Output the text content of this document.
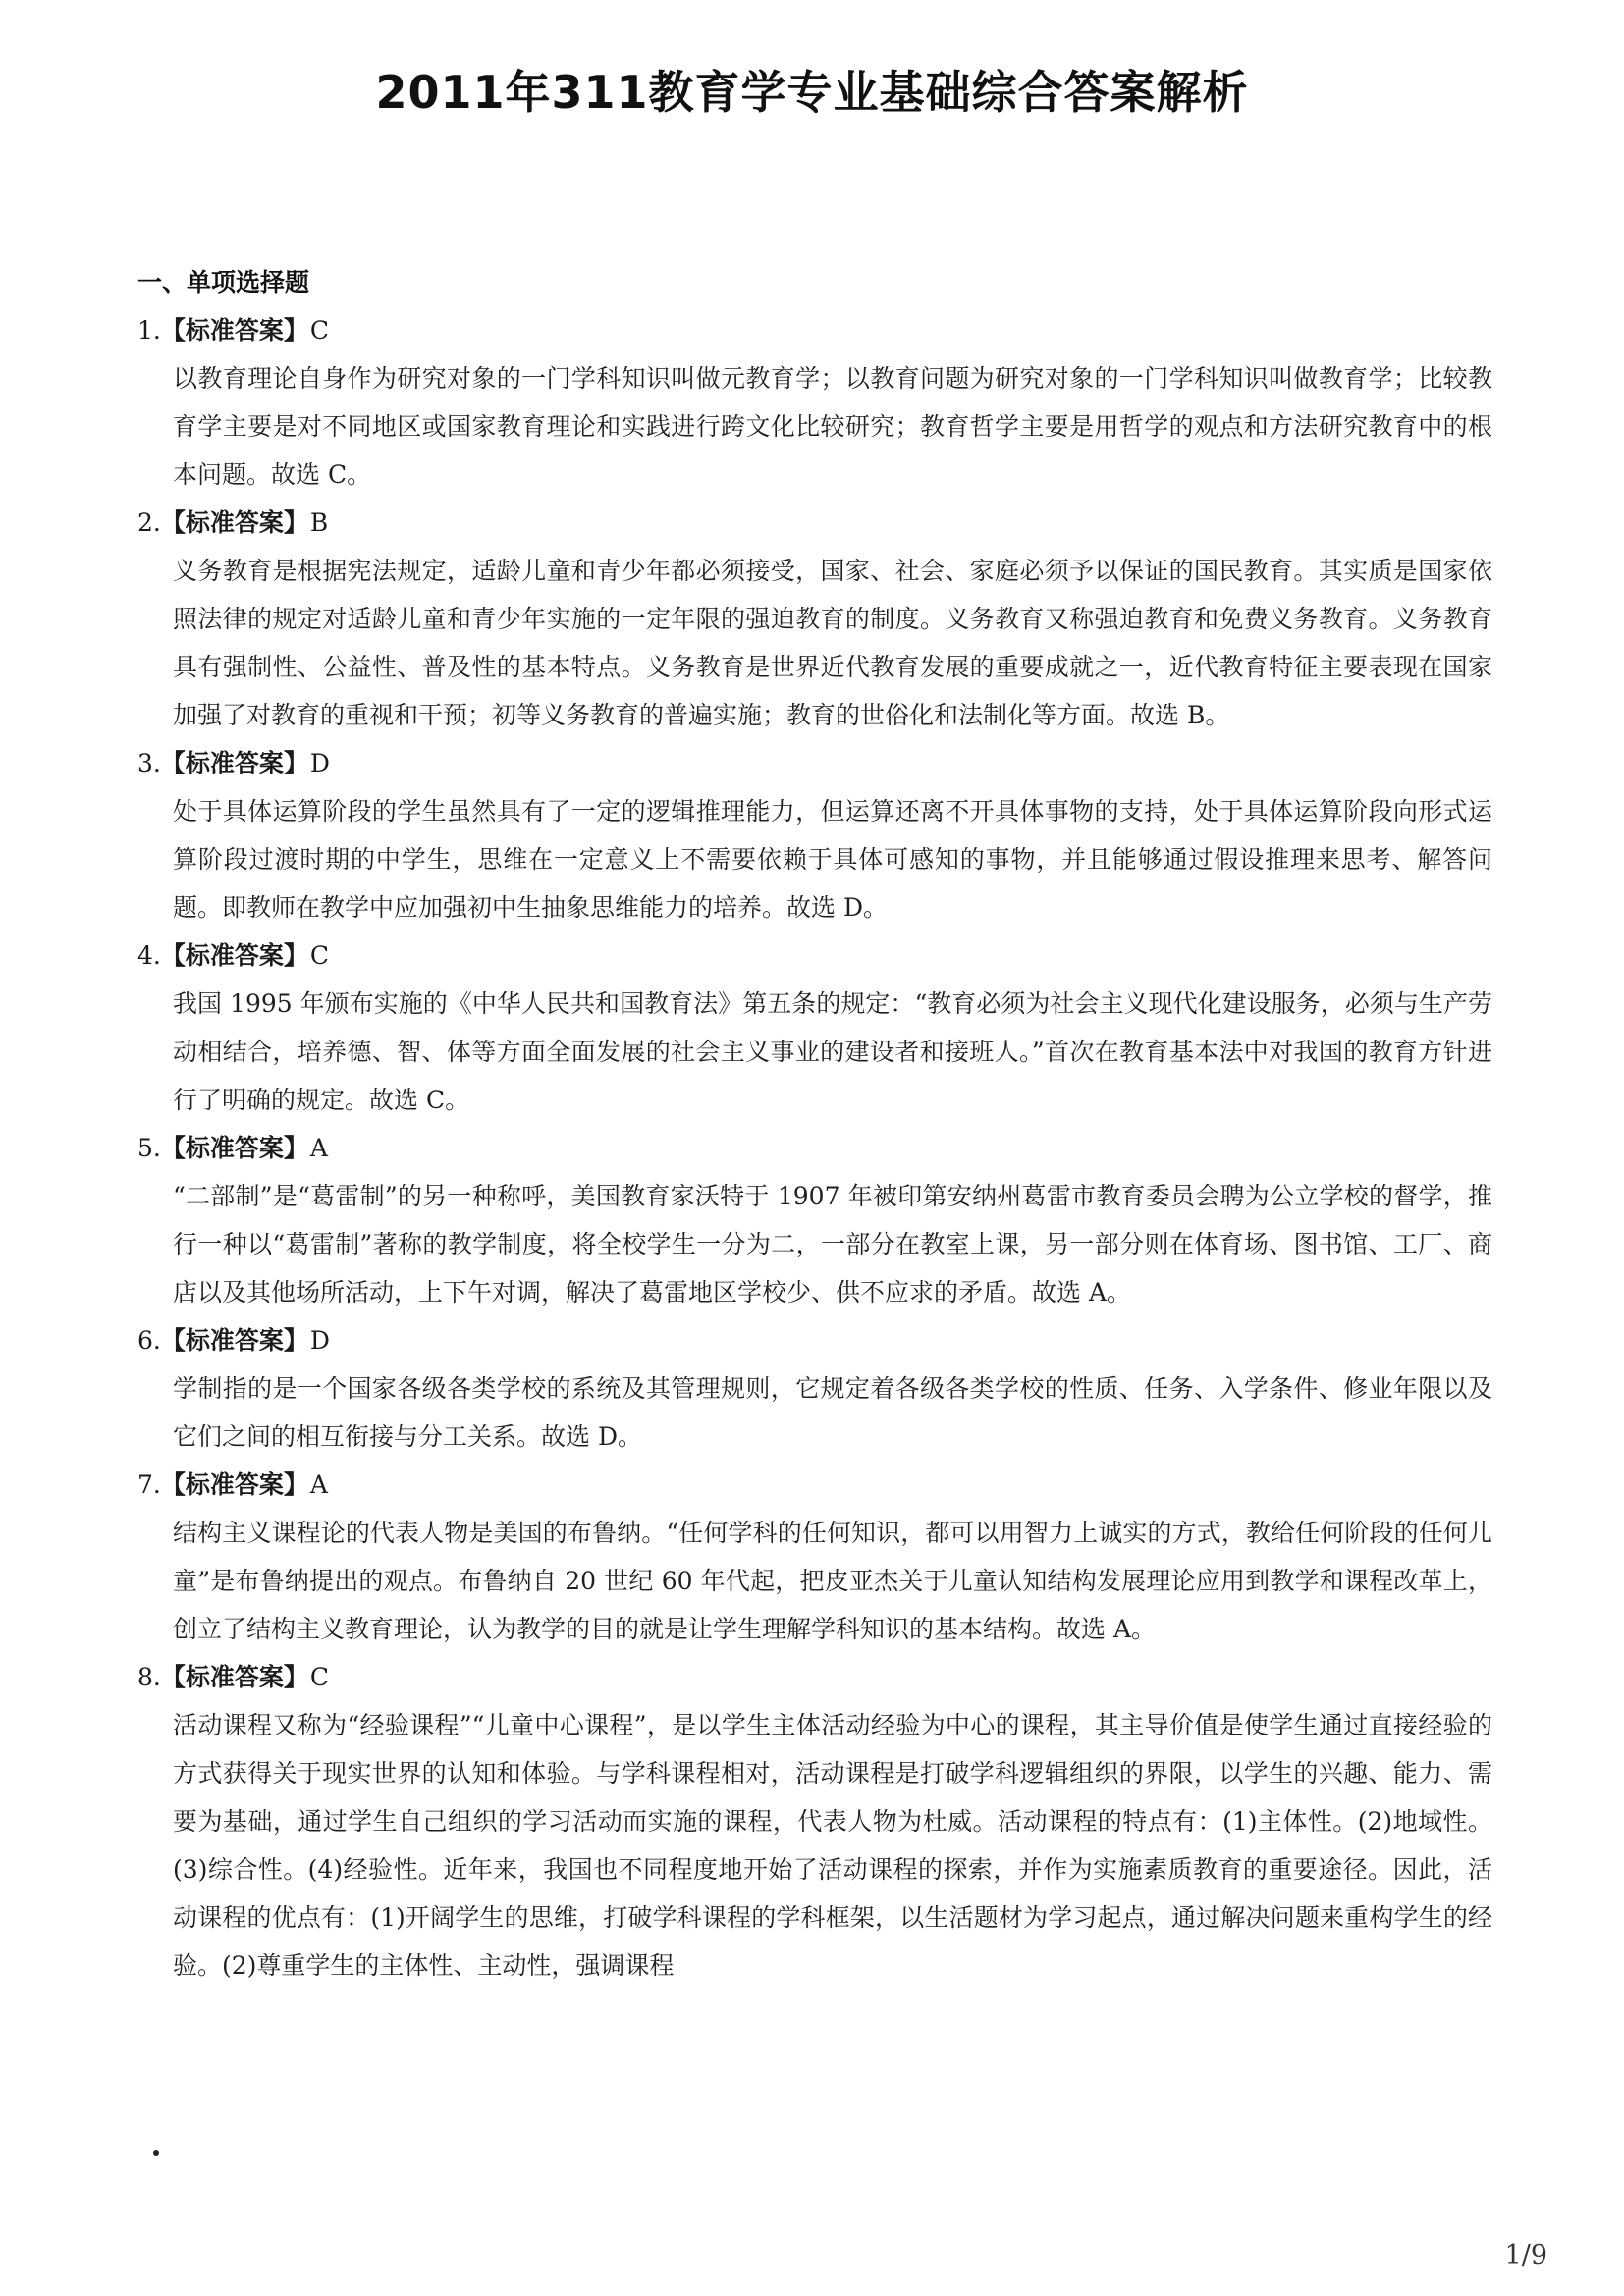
2011年311教育学专业基础综合答案解析
一、单项选择题
1.【标准答案】C

以教育理论自身作为研究对象的一门学科知识叫做元教育学；以教育问题为研究对象的一门学科知识叫做教育学；比较教育学主要是对不同地区或国家教育理论和实践进行跨文化比较研究；教育哲学主要是用哲学的观点和方法研究教育中的根本问题。故选 C。

2.【标准答案】B

义务教育是根据宪法规定，适龄儿童和青少年都必须接受，国家、社会、家庭必须予以保证的国民教育。其实质是国家依照法律的规定对适龄儿童和青少年实施的一定年限的强迫教育的制度。义务教育又称强迫教育和免费义务教育。义务教育具有强制性、公益性、普及性的基本特点。义务教育是世界近代教育发展的重要成就之一，近代教育特征主要表现在国家加强了对教育的重视和干预；初等义务教育的普遍实施；教育的世俗化和法制化等方面。故选 B。

3.【标准答案】D

处于具体运算阶段的学生虽然具有了一定的逻辑推理能力，但运算还离不开具体事物的支持，处于具体运算阶段向形式运算阶段过渡时期的中学生，思维在一定意义上不需要依赖于具体可感知的事物，并且能够通过假设推理来思考、解答问题。即教师在教学中应加强初中生抽象思维能力的培养。故选 D。

4.【标准答案】C

我国 1995 年颁布实施的《中华人民共和国教育法》第五条的规定：“教育必须为社会主义现代化建设服务，必须与生产劳动相结合，培养德、智、体等方面全面发展的社会主义事业的建设者和接班人。”首次在教育基本法中对我国的教育方针进行了明确的规定。故选 C。

5.【标准答案】A

“二部制”是“葛雷制”的另一种称呼，美国教育家沃特于 1907 年被印第安纳州葛雷市教育委员会聘为公立学校的督学，推行一种以“葛雷制”著称的教学制度，将全校学生一分为二，一部分在教室上课，另一部分则在体育场、图书馆、工厂、商店以及其他场所活动，上下午对调，解决了葛雷地区学校少、供不应求的矛盾。故选 A。

6.【标准答案】D

学制指的是一个国家各级各类学校的系统及其管理规则，它规定着各级各类学校的性质、任务、入学条件、修业年限以及它们之间的相互衔接与分工关系。故选 D。

7.【标准答案】A

结构主义课程论的代表人物是美国的布鲁纳。“任何学科的任何知识，都可以用智力上诚实的方式，教给任何阶段的任何儿童”是布鲁纳提出的观点。布鲁纳自 20 世纪 60 年代起，把皮亚杰关于儿童认知结构发展理论应用到教学和课程改革上，创立了结构主义教育理论，认为教学的目的就是让学生理解学科知识的基本结构。故选 A。

8.【标准答案】C

活动课程又称为“经验课程”“儿童中心课程”，是以学生主体活动经验为中心的课程，其主导价值是使学生通过直接经验的方式获得关于现实世界的认知和体验。与学科课程相对，活动课程是打破学科逻辑组织的界限，以学生的兴趣、能力、需要为基础，通过学生自己组织的学习活动而实施的课程，代表人物为杜威。活动课程的特点有：(1)主体性。(2)地域性。(3)综合性。(4)经验性。近年来，我国也不同程度地开始了活动课程的探索，并作为实施素质教育的重要途径。因此，活动课程的优点有：(1)开阔学生的思维，打破学科课程的学科框架，以生活题材为学习起点，通过解决问题来重构学生的经验。(2)尊重学生的主体性、主动性，强调课程

1/9
